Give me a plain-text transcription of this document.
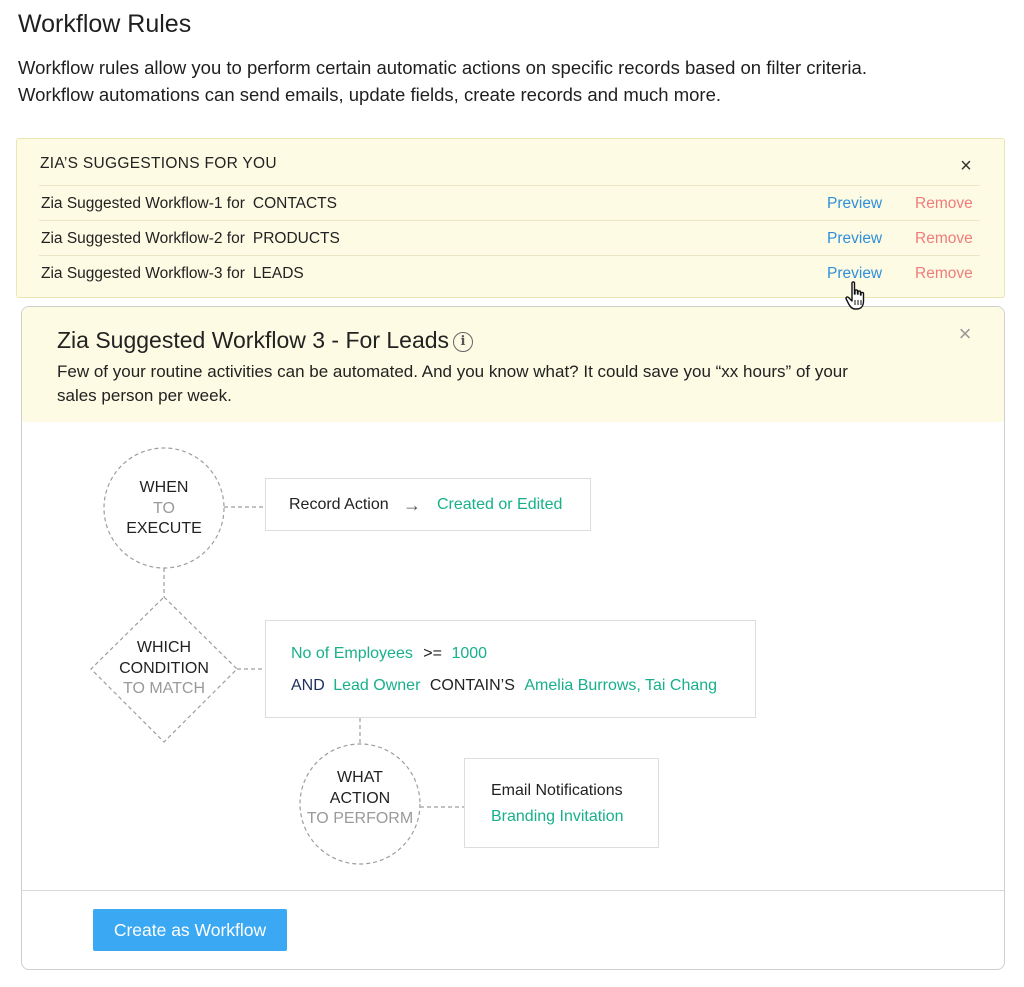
Workflow Rules

Workflow rules allow you to perform certain automatic actions on specific records based on filter criteria.
Workflow automations can send emails, update fields, create records and much more.

ZIA’S SUGGESTIONS FOR YOU	×
Zia Suggested Workflow-1 for CONTACTS	Preview Remove
Zia Suggested Workflow-2 for PRODUCTS	Preview Remove
Zia Suggested Workflow-3 for LEADS	Preview Remove
Zia Suggested Workflow 3 - For Leads i

Few of your routine activities can be automated. And you know what? It could save you “xx hours” of your sales person per week.

×
WHEN
TO
EXECUTE
Record Action → Created or Edited
WHICH
CONDITION
TO MATCH
No of Employees >= 1000
AND Lead Owner CONTAIN’S Amelia Burrows, Tai Chang
WHAT
ACTION
TO PERFORM
Email Notifications
Branding Invitation
Create as Workflow
